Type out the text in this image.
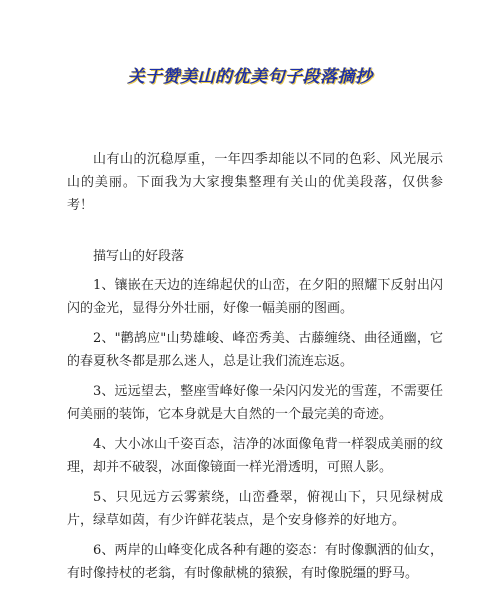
关于赞美山的优美句子段落摘抄

山有山的沉稳厚重，一年四季却能以不同的色彩、风光展示山的美丽。下面我为大家搜集整理有关山的优美段落，仅供参考！

描写山的好段落

1、镶嵌在天边的连绵起伏的山峦，在夕阳的照耀下反射出闪闪的金光，显得分外壮丽，好像一幅美丽的图画。

2、"鹳鸪应"山势雄峻、峰峦秀美、古藤缠绕、曲径通幽，它的春夏秋冬都是那么迷人，总是让我们流连忘返。

3、远远望去，整座雪峰好像一朵闪闪发光的雪莲，不需要任何美丽的装饰，它本身就是大自然的一个最完美的奇迹。

4、大小冰山千姿百态，洁净的冰面像龟背一样裂成美丽的纹理，却并不破裂，冰面像镜面一样光滑透明，可照人影。

5、只见远方云雾萦绕，山峦叠翠，俯视山下，只见绿树成片，绿草如茵，有少许鲜花装点，是个安身修养的好地方。

6、两岸的山峰变化成各种有趣的姿态：有时像飘洒的仙女，有时像持杖的老翁，有时像献桃的猿猴，有时像脱缰的野马。
